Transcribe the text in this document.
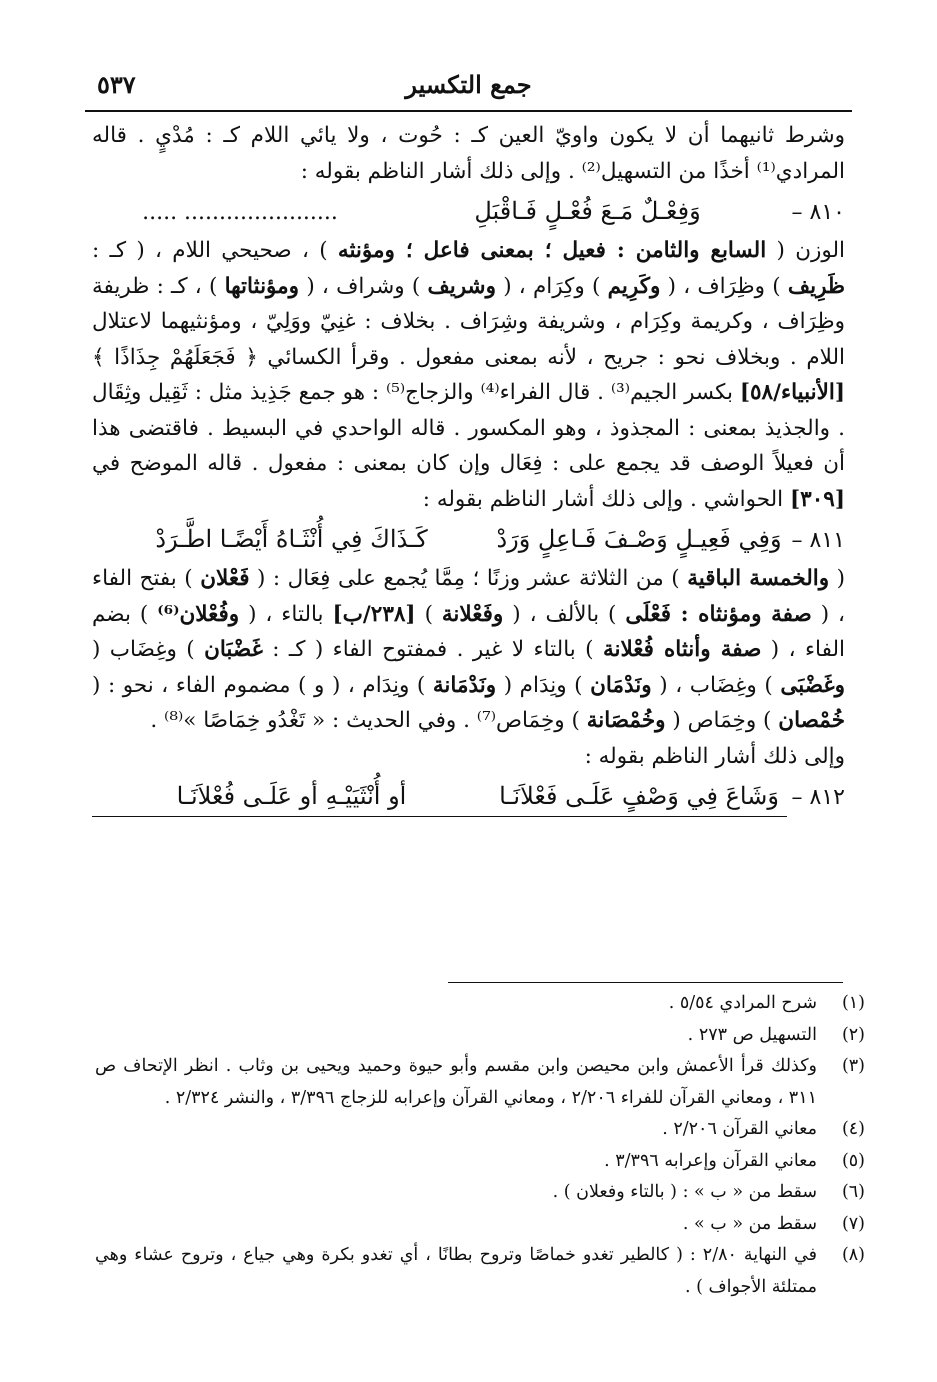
٥٣٧	جمع التكسير

وشرط ثانيهما أن لا يكون واويّ العين كـ : حُوت ، ولا يائي اللام كـ : مُدْيٍ . قاله المرادي⁽¹⁾ أخذًا من التسهيل⁽²⁾ . وإلى ذلك أشار الناظم بقوله :

٨١٠ –
وَفِعْـلٌ مَـعَ فُعْـلٍ فَـاقْبَلِ
...................... .....

الوزن ( السابع والثامن : فعيل ؛ بمعنى فاعل ؛ ومؤنثه ) ، صحيحي اللام ، ( كـ : ظَرِيف ) وظِرَاف ، ( وكَرِيم ) وكِرَام ، ( وشريف ) وشراف ، ( ومؤنثاتها ) ، كـ : ظريفة وظِرَاف ، وكريمة وكِرَام ، وشريفة وشِرَاف . بخلاف : غنِيّ ووَلِيّ ، ومؤنثيهما لاعتلال اللام . وبخلاف نحو : جريح ، لأنه بمعنى مفعول . وقرأ الكسائي ﴿ فَجَعَلَهُمْ جِذَاذًا ﴾ [الأنبياء/٥٨] بكسر الجيم⁽³⁾ . قال الفراء⁽⁴⁾ والزجاج⁽⁵⁾ : هو جمع جَذِيذ مثل : ثَقِيل وثِقَال . والجذيذ بمعنى : المجذوذ ، وهو المكسور . قاله الواحدي في البسيط . فاقتضى هذا أن فعيلاً الوصف قد يجمع على : فِعَال وإن كان بمعنى : مفعول . قاله الموضح في [٣٠٩] الحواشي . وإلى ذلك أشار الناظم بقوله :

٨١١ –
وَفِي فَعِيـلٍ وَصْـفَ فَـاعِلٍ وَرَدْ
كَـذَاكَ فِي أُنْثَـاهُ أَيْضًـا اطَّـرَدْ

( والخمسة الباقية ) من الثلاثة عشر وزنًا ؛ مِمَّا يُجمع على فِعَال : ( فَعْلان ) بفتح الفاء ، ( صفة ومؤنثاه : فَعْلَى ) بالألف ، ( وفَعْلانة ) [٢٣٨/ب] بالتاء ، ( وفُعْلان⁽⁶⁾ ) بضم الفاء ، ( صفة وأنثاه فُعْلانة ) بالتاء لا غير . فمفتوح الفاء ( كـ : غَضْبَان ) وغِضَاب ( وغَضْبَى ) وغِضَاب ، ( ونَدْمَان ) ونِدَام ( ونَدْمَانة ) ونِدَام ، ( و ) مضموم الفاء ، نحو : ( خُمْصان ) وخِمَاص ( وخُمْصَانة ) وخِمَاص⁽⁷⁾ . وفي الحديث : « تَغْدُو خِمَاصًا »⁽⁸⁾ .

وإلى ذلك أشار الناظم بقوله :

٨١٢ –
وَشَاعَ فِي وَصْفٍ عَلَـى فَعْلاَنَـا
أو أُنْثَيَيْـهِ أو عَلَـى فُعْلاَنَـا
(١)
شرح المرادي ٥/٥٤ .
(٢)
التسهيل ص ٢٧٣ .
(٣)
وكذلك قرأ الأعمش وابن محيصن وابن مقسم وأبو حيوة وحميد ويحيى بن وثاب . انظر الإتحاف ص ٣١١ ، ومعاني القرآن للفراء ٢/٢٠٦ ، ومعاني القرآن وإعرابه للزجاج ٣/٣٩٦ ، والنشر ٢/٣٢٤ .
(٤)
معاني القرآن ٢/٢٠٦ .
(٥)
معاني القرآن وإعرابه ٣/٣٩٦ .
(٦)
سقط من « ب » : ( بالتاء وفعلان ) .
(٧)
سقط من « ب » .
(٨)
في النهاية ٢/٨٠ : ( كالطير تغدو خماصًا وتروح بطانًا ، أي تغدو بكرة وهي جياع ، وتروح عشاء وهي ممتلئة الأجواف ) .
